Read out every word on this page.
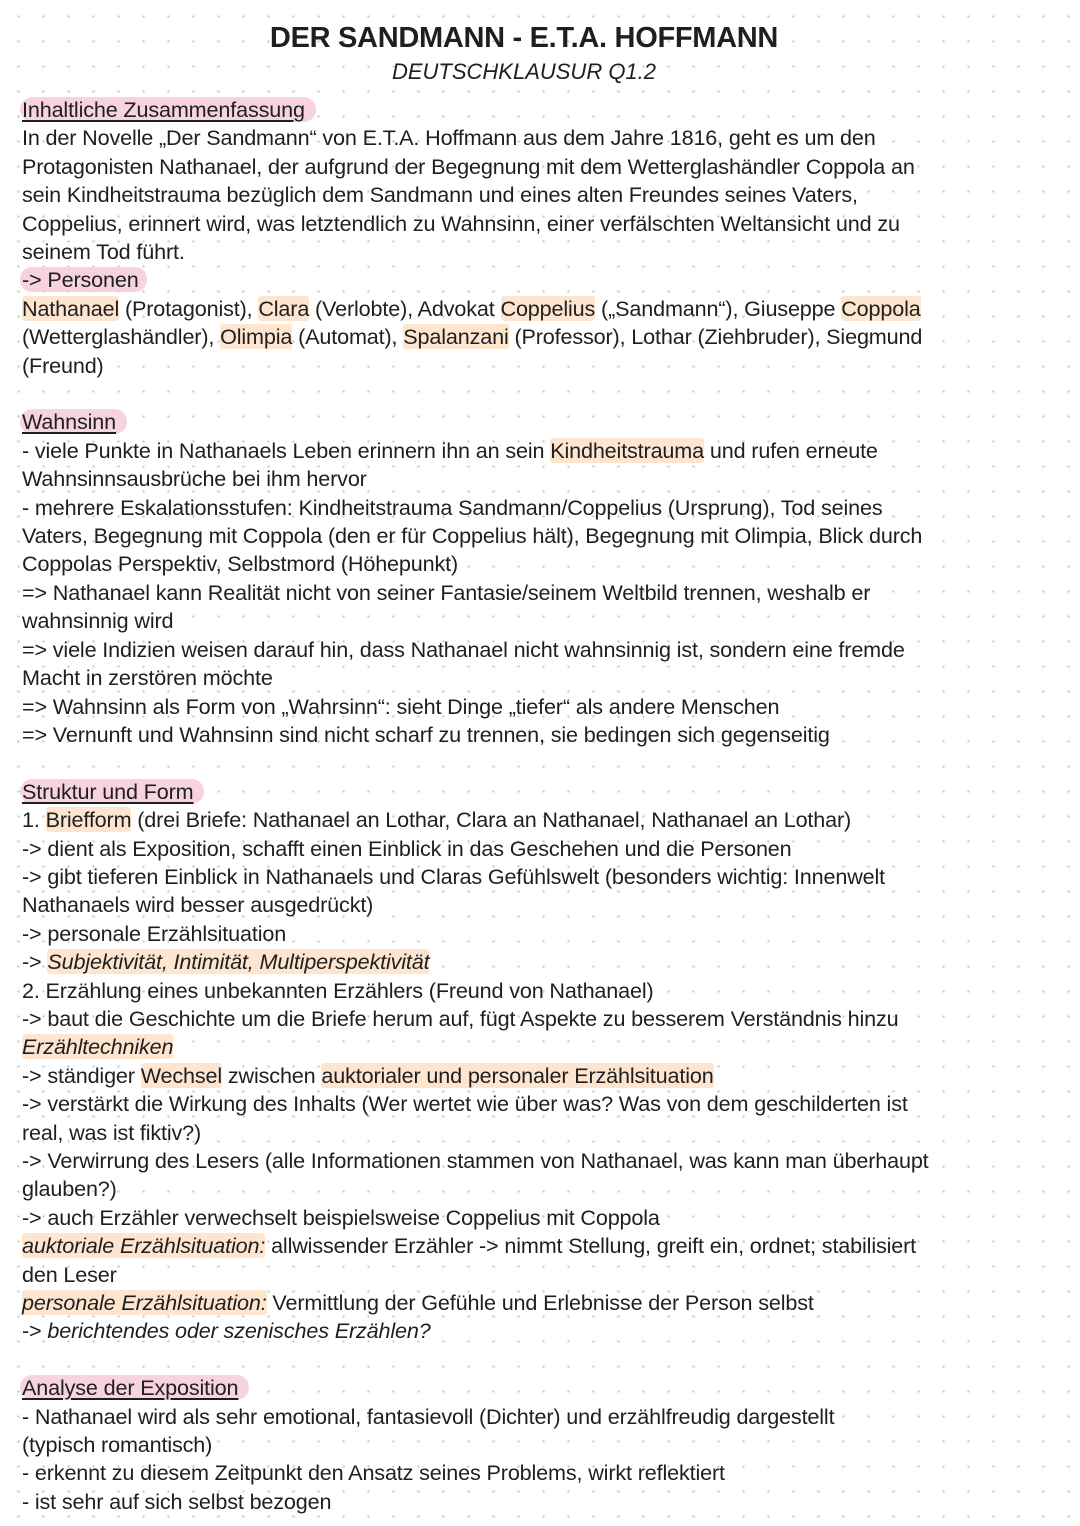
DER SANDMANN - E.T.A. HOFFMANN

DEUTSCHKLAUSUR Q1.2

Inhaltliche Zusammenfassung

In der Novelle „Der Sandmann“ von E.T.A. Hoffmann aus dem Jahre 1816, geht es um den

Protagonisten Nathanael, der aufgrund der Begegnung mit dem Wetterglashändler Coppola an

sein Kindheitstrauma bezüglich dem Sandmann und eines alten Freundes seines Vaters,

Coppelius, erinnert wird, was letztendlich zu Wahnsinn, einer verfälschten Weltansicht und zu

seinem Tod führt.

-> Personen

Nathanael (Protagonist), Clara (Verlobte), Advokat Coppelius („Sandmann“), Giuseppe Coppola

(Wetterglashändler), Olimpia (Automat), Spalanzani (Professor), Lothar (Ziehbruder), Siegmund

(Freund)

Wahnsinn

- viele Punkte in Nathanaels Leben erinnern ihn an sein Kindheitstrauma und rufen erneute

Wahnsinnsausbrüche bei ihm hervor

- mehrere Eskalationsstufen: Kindheitstrauma Sandmann/Coppelius (Ursprung), Tod seines

Vaters, Begegnung mit Coppola (den er für Coppelius hält), Begegnung mit Olimpia, Blick durch

Coppolas Perspektiv, Selbstmord (Höhepunkt)

=> Nathanael kann Realität nicht von seiner Fantasie/seinem Weltbild trennen, weshalb er

wahnsinnig wird

=> viele Indizien weisen darauf hin, dass Nathanael nicht wahnsinnig ist, sondern eine fremde

Macht in zerstören möchte

=> Wahnsinn als Form von „Wahrsinn“: sieht Dinge „tiefer“ als andere Menschen

=> Vernunft und Wahnsinn sind nicht scharf zu trennen, sie bedingen sich gegenseitig

Struktur und Form

1. Briefform (drei Briefe: Nathanael an Lothar, Clara an Nathanael, Nathanael an Lothar)

-> dient als Exposition, schafft einen Einblick in das Geschehen und die Personen

-> gibt tieferen Einblick in Nathanaels und Claras Gefühlswelt (besonders wichtig: Innenwelt

Nathanaels wird besser ausgedrückt)

-> personale Erzählsituation

-> Subjektivität, Intimität, Multiperspektivität

2. Erzählung eines unbekannten Erzählers (Freund von Nathanael)

-> baut die Geschichte um die Briefe herum auf, fügt Aspekte zu besserem Verständnis hinzu

Erzähltechniken

-> ständiger Wechsel zwischen auktorialer und personaler Erzählsituation

-> verstärkt die Wirkung des Inhalts (Wer wertet wie über was? Was von dem geschilderten ist

real, was ist fiktiv?)

-> Verwirrung des Lesers (alle Informationen stammen von Nathanael, was kann man überhaupt

glauben?)

-> auch Erzähler verwechselt beispielsweise Coppelius mit Coppola

auktoriale Erzählsituation: allwissender Erzähler -> nimmt Stellung, greift ein, ordnet; stabilisiert

den Leser

personale Erzählsituation: Vermittlung der Gefühle und Erlebnisse der Person selbst

-> berichtendes oder szenisches Erzählen?

Analyse der Exposition

- Nathanael wird als sehr emotional, fantasievoll (Dichter) und erzählfreudig dargestellt

(typisch romantisch)

- erkennt zu diesem Zeitpunkt den Ansatz seines Problems, wirkt reflektiert

- ist sehr auf sich selbst bezogen
